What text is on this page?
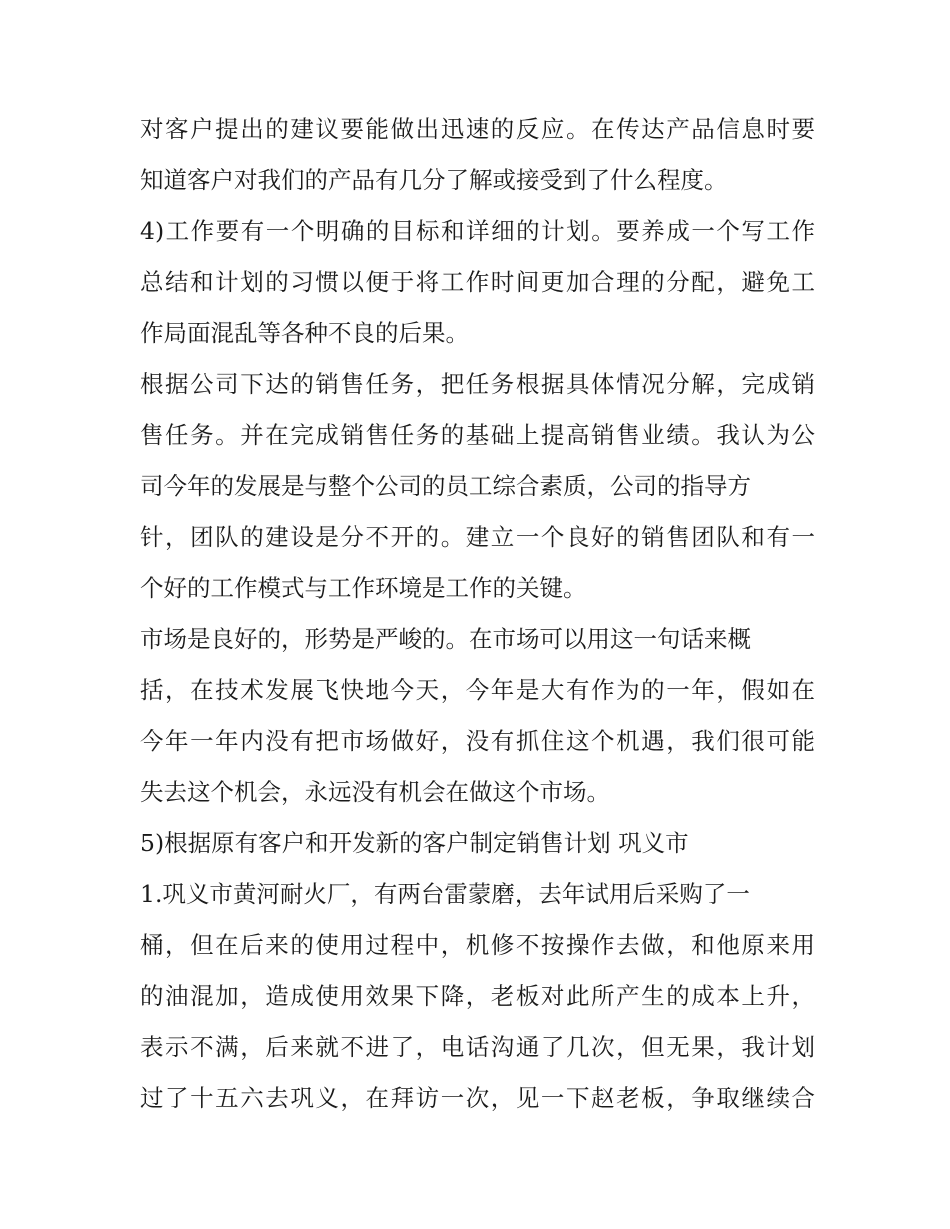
对客户提出的建议要能做出迅速的反应。在传达产品信息时要
知道客户对我们的产品有几分了解或接受到了什么程度。
4)工作要有一个明确的目标和详细的计划。要养成一个写工作
总结和计划的习惯以便于将工作时间更加合理的分配，避免工
作局面混乱等各种不良的后果。
根据公司下达的销售任务，把任务根据具体情况分解，完成销
售任务。并在完成销售任务的基础上提高销售业绩。我认为公
司今年的发展是与整个公司的员工综合素质，公司的指导方
针，团队的建设是分不开的。建立一个良好的销售团队和有一
个好的工作模式与工作环境是工作的关键。
市场是良好的，形势是严峻的。在市场可以用这一句话来概
括，在技术发展飞快地今天，今年是大有作为的一年，假如在
今年一年内没有把市场做好，没有抓住这个机遇，我们很可能
失去这个机会，永远没有机会在做这个市场。
5)根据原有客户和开发新的客户制定销售计划 巩义市
1.巩义市黄河耐火厂，有两台雷蒙磨，去年试用后采购了一
桶，但在后来的使用过程中，机修不按操作去做，和他原来用
的油混加，造成使用效果下降，老板对此所产生的成本上升，
表示不满，后来就不进了，电话沟通了几次，但无果，我计划
过了十五六去巩义，在拜访一次，见一下赵老板，争取继续合
